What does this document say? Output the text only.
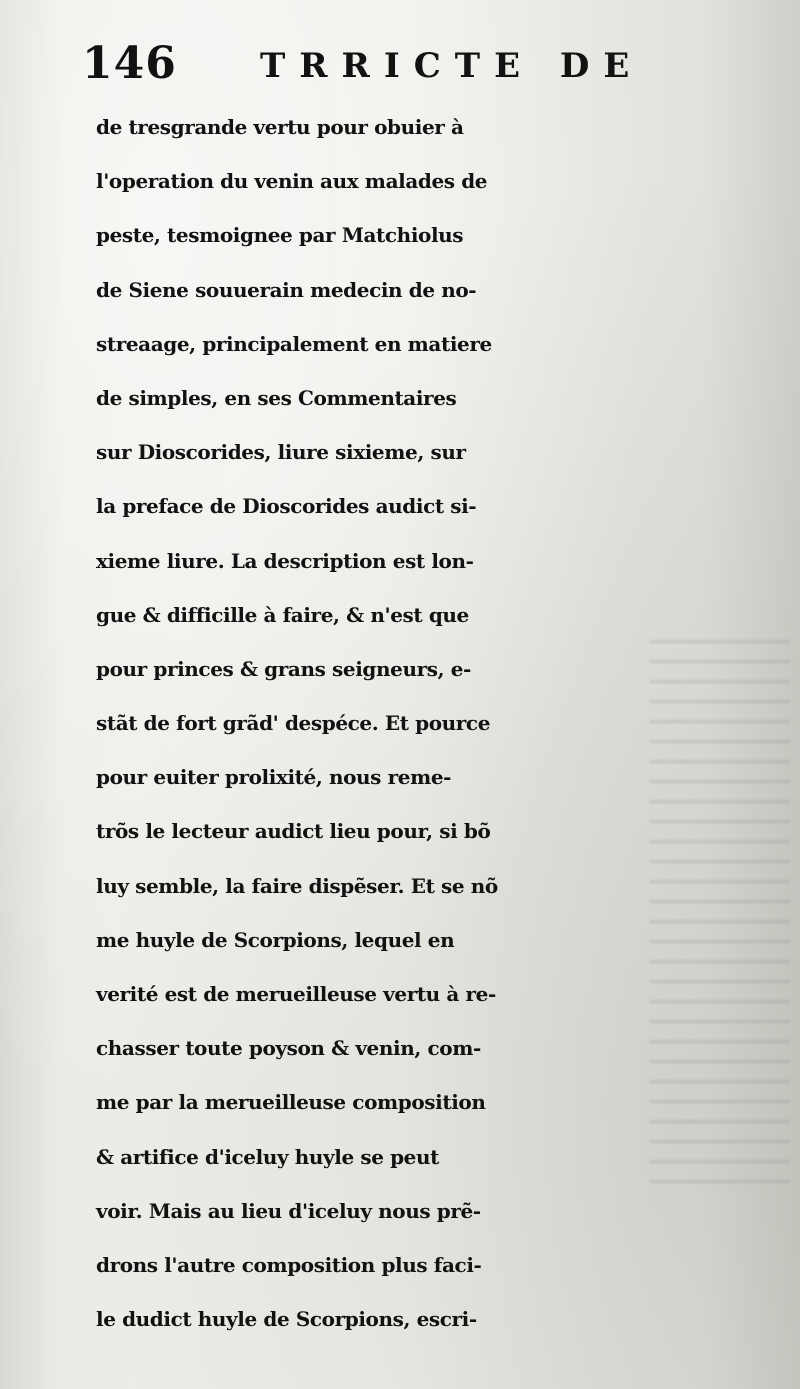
146 TRRICTE DE
de tresgrande vertu pour obuier à
l'operation du venin aux malades de
peste, tesmoignee par Matchiolus
de Siene souuerain medecin de no-
streaage, principalement en matiere
de simples, en ses Commentaires
sur Dioscorides, liure sixieme, sur
la preface de Dioscorides audict si-
xieme liure. La description est lon-
gue & difficille à faire, & n'est que
pour princes & grans seigneurs, e-
stãt de fort grãd' despéce. Et pource
pour euiter prolixité, nous reme-
trõs le lecteur audict lieu pour, si bõ
luy semble, la faire dispẽser. Et se nõ
me huyle de Scorpions, lequel en
verité est de merueilleuse vertu à re-
chasser toute poyson & venin, com-
me par la merueilleuse composition
& artifice d'iceluy huyle se peut
voir. Mais au lieu d'iceluy nous prẽ-
drons l'autre composition plus faci-
le dudict huyle de Scorpions, escri-
